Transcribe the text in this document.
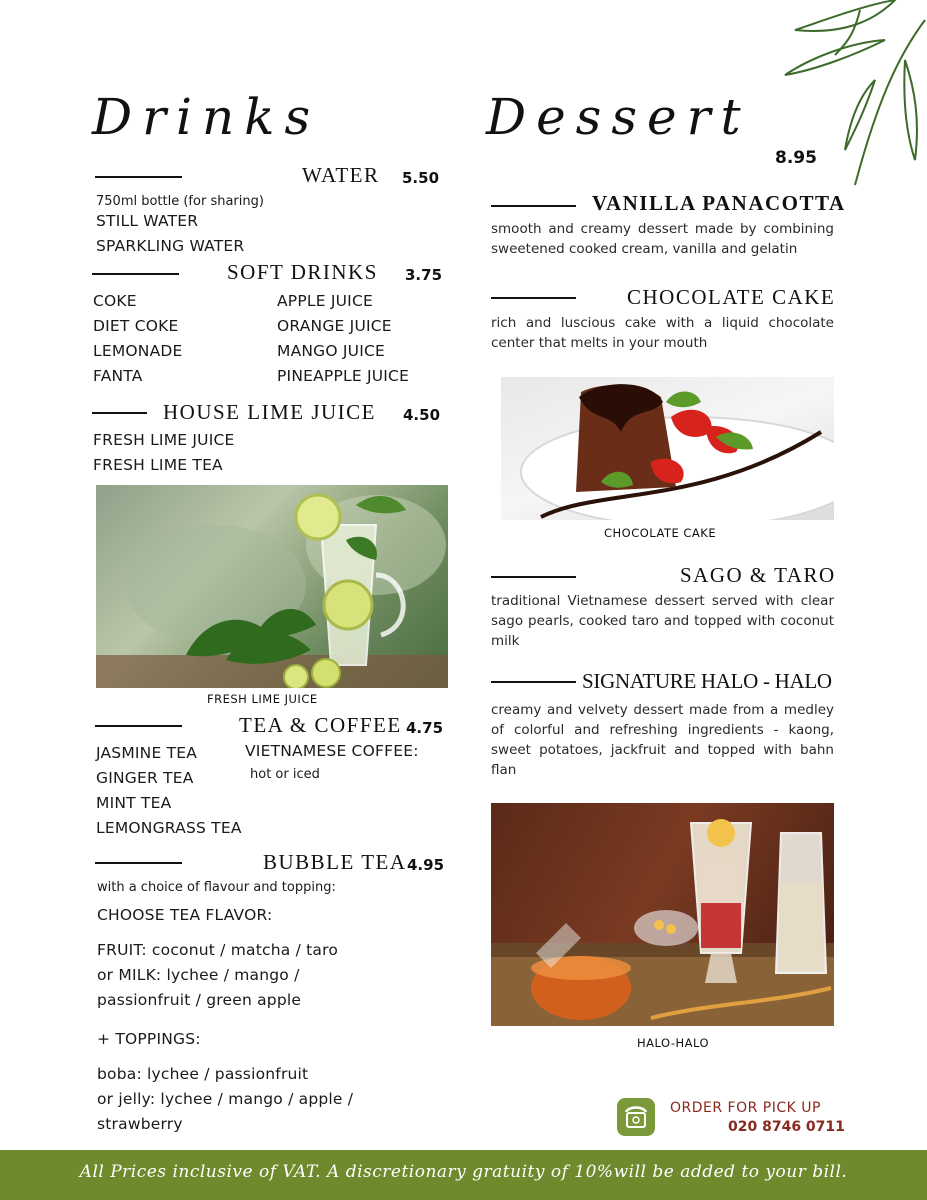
Drinks
WATER 5.50
750ml bottle (for sharing)
STILL WATER
SPARKLING WATER
SOFT DRINKS 3.75
COKE
DIET COKE
LEMONADE
FANTA
APPLE JUICE
ORANGE JUICE
MANGO JUICE
PINEAPPLE JUICE
HOUSE LIME JUICE 4.50
FRESH LIME JUICE
FRESH LIME TEA
FRESH LIME JUICE
TEA & COFFEE 4.75
JASMINE TEA
GINGER TEA
MINT TEA
LEMONGRASS TEA
VIETNAMESE COFFEE:
hot or iced
BUBBLE TEA 4.95
with a choice of flavour and topping:
CHOOSE TEA FLAVOR:
FRUIT: coconut / matcha / taro
or MILK: lychee / mango /
passionfruit / green apple
+ TOPPINGS:
boba: lychee / passionfruit
or jelly: lychee / mango / apple /
strawberry
Dessert
8.95
VANILLA PANACOTTA
smooth and creamy dessert made by combining sweetened cooked cream, vanilla and gelatin
CHOCOLATE CAKE
rich and luscious cake with a liquid chocolate center that melts in your mouth
CHOCOLATE CAKE
SAGO & TARO
traditional Vietnamese dessert served with clear sago pearls, cooked taro and topped with coconut milk
SIGNATURE HALO - HALO
creamy and velvety dessert made from a medley of colorful and refreshing ingredients - kaong, sweet potatoes, jackfruit and topped with bahn flan
HALO-HALO
ORDER FOR PICK UP
020 8746 0711
All Prices inclusive of VAT. A discretionary gratuity of 10%will be added to your bill.
